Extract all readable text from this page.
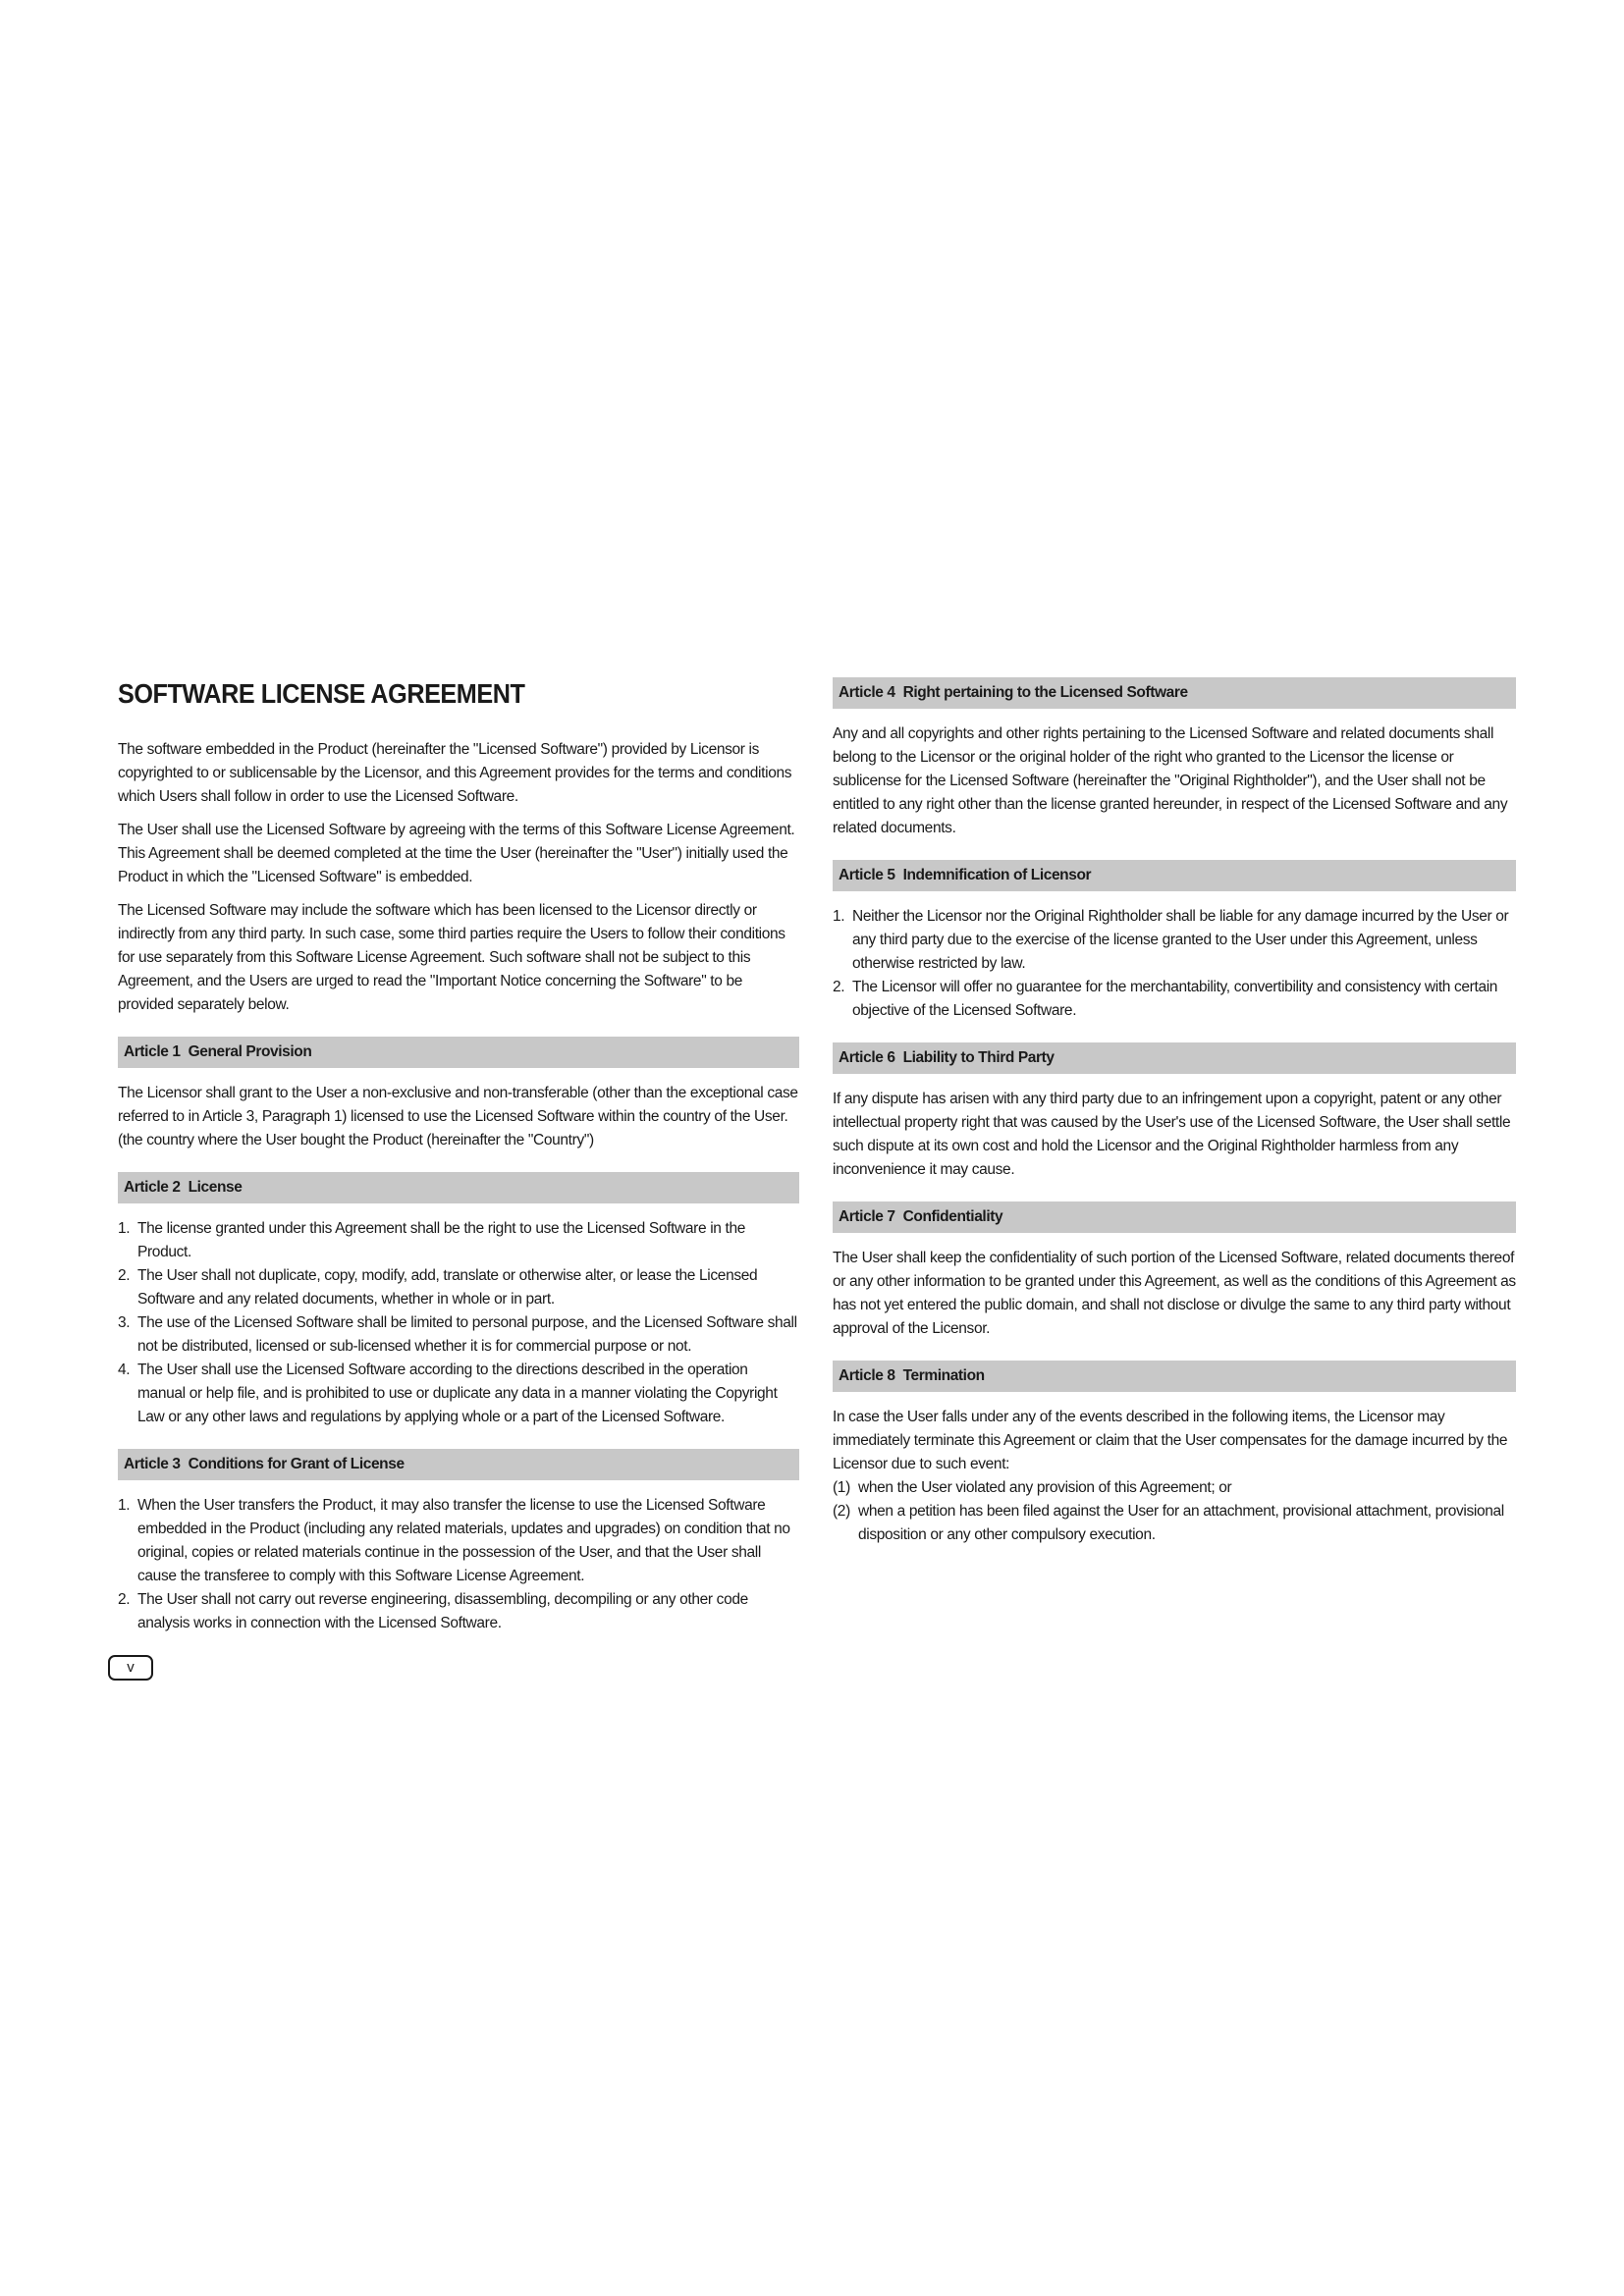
SOFTWARE LICENSE AGREEMENT

The software embedded in the Product (hereinafter the "Licensed Software") provided by Licensor is copyrighted to or sublicensable by the Licensor, and this Agreement provides for the terms and conditions which Users shall follow in order to use the Licensed Software.

The User shall use the Licensed Software by agreeing with the terms of this Software License Agreement. This Agreement shall be deemed completed at the time the User (hereinafter the "User") initially used the Product in which the "Licensed Software" is embedded.

The Licensed Software may include the software which has been licensed to the Licensor directly or indirectly from any third party. In such case, some third parties require the Users to follow their conditions for use separately from this Software License Agreement. Such software shall not be subject to this Agreement, and the Users are urged to read the "Important Notice concerning the Software" to be provided separately below.

Article 1 General Provision

The Licensor shall grant to the User a non-exclusive and non-transferable (other than the exceptional case referred to in Article 3, Paragraph 1) licensed to use the Licensed Software within the country of the User. (the country where the User bought the Product (hereinafter the "Country")

Article 2 License
1. The license granted under this Agreement shall be the right to use the Licensed Software in the Product.
2. The User shall not duplicate, copy, modify, add, translate or otherwise alter, or lease the Licensed Software and any related documents, whether in whole or in part.
3. The use of the Licensed Software shall be limited to personal purpose, and the Licensed Software shall not be distributed, licensed or sub-licensed whether it is for commercial purpose or not.
4. The User shall use the Licensed Software according to the directions described in the operation manual or help file, and is prohibited to use or duplicate any data in a manner violating the Copyright Law or any other laws and regulations by applying whole or a part of the Licensed Software.
Article 3 Conditions for Grant of License
1. When the User transfers the Product, it may also transfer the license to use the Licensed Software embedded in the Product (including any related materials, updates and upgrades) on condition that no original, copies or related materials continue in the possession of the User, and that the User shall cause the transferee to comply with this Software License Agreement.
2. The User shall not carry out reverse engineering, disassembling, decompiling or any other code analysis works in connection with the Licensed Software.
Article 4 Right pertaining to the Licensed Software

Any and all copyrights and other rights pertaining to the Licensed Software and related documents shall belong to the Licensor or the original holder of the right who granted to the Licensor the license or sublicense for the Licensed Software (hereinafter the "Original Rightholder"), and the User shall not be entitled to any right other than the license granted hereunder, in respect of the Licensed Software and any related documents.

Article 5 Indemnification of Licensor
1. Neither the Licensor nor the Original Rightholder shall be liable for any damage incurred by the User or any third party due to the exercise of the license granted to the User under this Agreement, unless otherwise restricted by law.
2. The Licensor will offer no guarantee for the merchantability, convertibility and consistency with certain objective of the Licensed Software.
Article 6 Liability to Third Party

If any dispute has arisen with any third party due to an infringement upon a copyright, patent or any other intellectual property right that was caused by the User's use of the Licensed Software, the User shall settle such dispute at its own cost and hold the Licensor and the Original Rightholder harmless from any inconvenience it may cause.

Article 7 Confidentiality

The User shall keep the confidentiality of such portion of the Licensed Software, related documents thereof or any other information to be granted under this Agreement, as well as the conditions of this Agreement as has not yet entered the public domain, and shall not disclose or divulge the same to any third party without approval of the Licensor.

Article 8 Termination

In case the User falls under any of the events described in the following items, the Licensor may immediately terminate this Agreement or claim that the User compensates for the damage incurred by the Licensor due to such event:

(1) when the User violated any provision of this Agreement; or
(2) when a petition has been filed against the User for an attachment, provisional attachment, provisional disposition or any other compulsory execution.
v
